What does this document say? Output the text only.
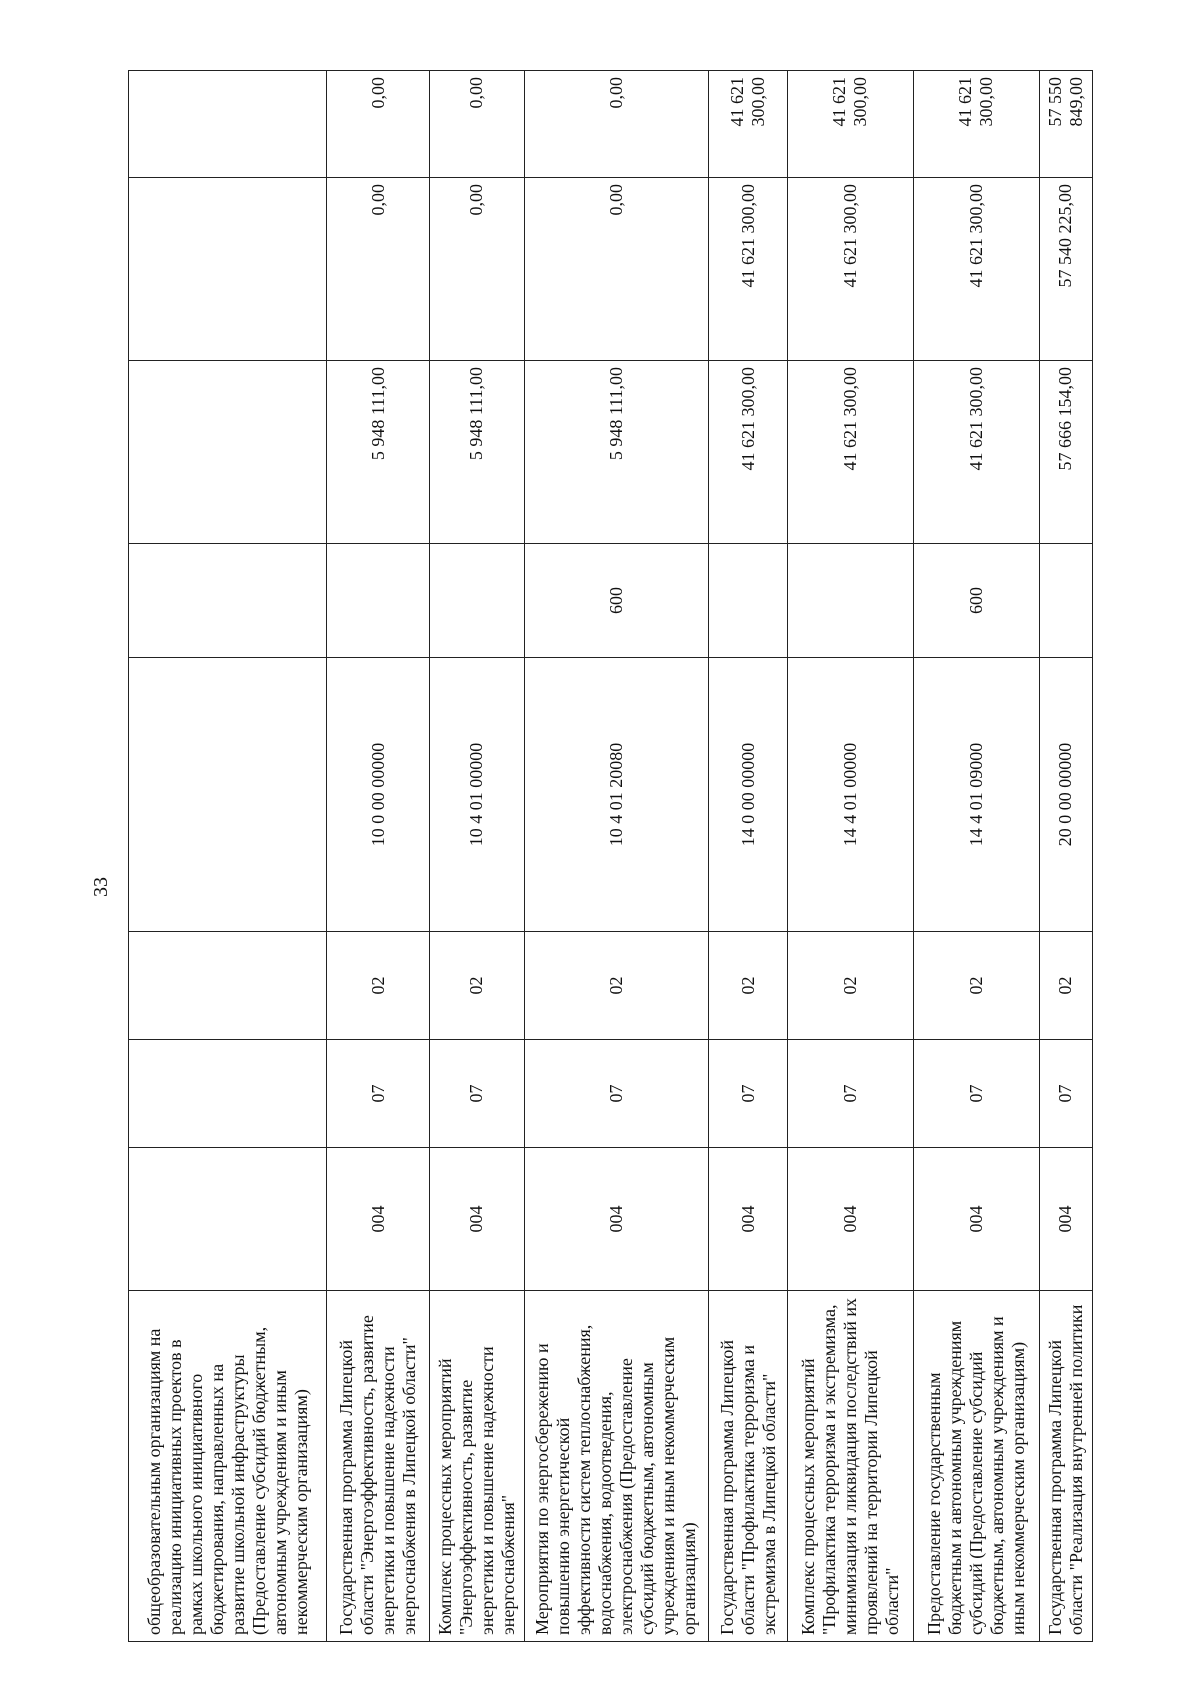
33
общеобразовательным организациям на реализацию инициативных проектов в рамках школьного инициативного бюджетирования, направленных на развитие школьной инфраструктуры (Предоставление субсидий бюджетным, автономным учреждениям и иным некоммерческим организациям)								
Государственная программа Липецкой области "Энергоэффективность, развитие энергетики и повышение надежности энергоснабжения в Липецкой области"	004	07	02	10 0 00 00000		5 948 111,00	0,00	0,00
Комплекс процессных мероприятий "Энергоэффективность, развитие энергетики и повышение надежности энергоснабжения"	004	07	02	10 4 01 00000		5 948 111,00	0,00	0,00
Мероприятия по энергосбережению и повышению энергетической эффективности систем теплоснабжения, водоснабжения, водоотведения, электроснабжения (Предоставление субсидий бюджетным, автономным учреждениям и иным некоммерческим организациям)	004	07	02	10 4 01 20080	600	5 948 111,00	0,00	0,00
Государственная программа Липецкой области "Профилактика терроризма и экстремизма в Липецкой области"	004	07	02	14 0 00 00000		41 621 300,00	41 621 300,00	41 621 300,00
Комплекс процессных мероприятий "Профилактика терроризма и экстремизма, минимизация и ликвидация последствий их проявлений на территории Липецкой области"	004	07	02	14 4 01 00000		41 621 300,00	41 621 300,00	41 621 300,00
Предоставление государственным бюджетным и автономным учреждениям субсидий (Предоставление субсидий бюджетным, автономным учреждениям и иным некоммерческим организациям)	004	07	02	14 4 01 09000	600	41 621 300,00	41 621 300,00	41 621 300,00
Государственная программа Липецкой области "Реализация внутренней политики	004	07	02	20 0 00 00000		57 666 154,00	57 540 225,00	57 550 849,00
